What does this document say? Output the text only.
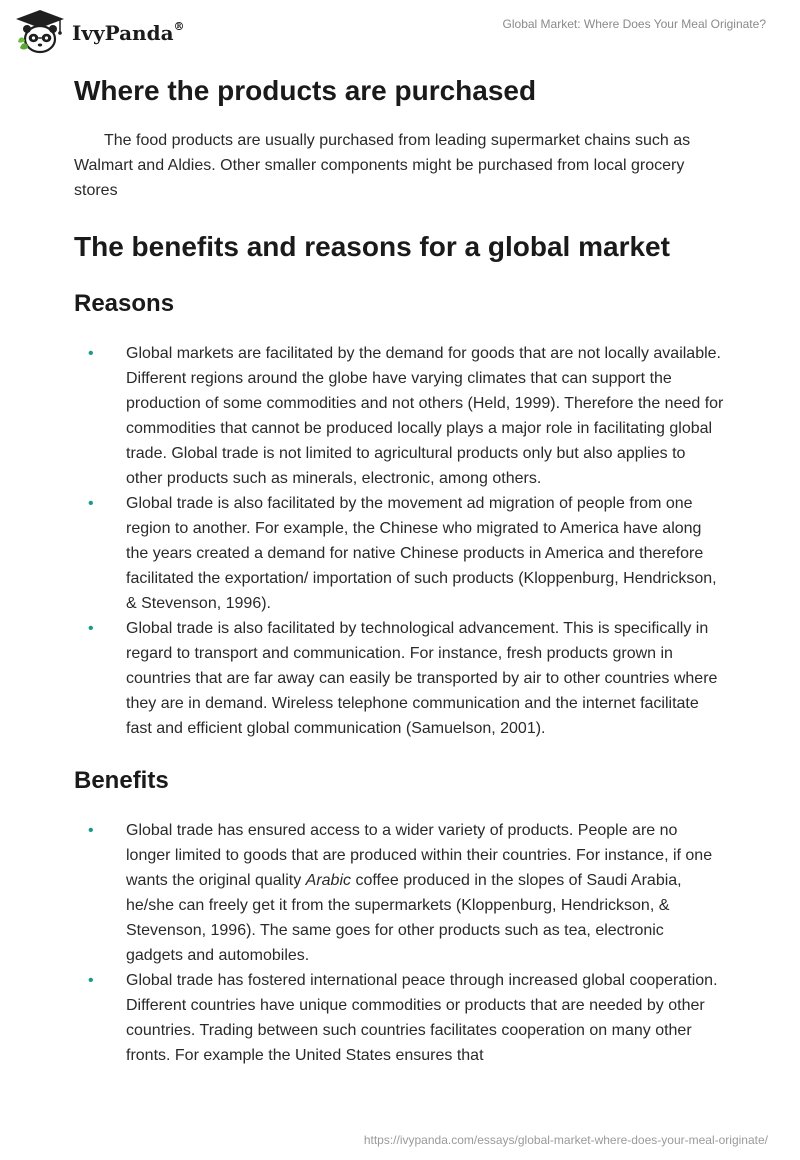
IvyPanda®	Global Market: Where Does Your Meal Originate?
Where the products are purchased

The food products are usually purchased from leading supermarket chains such as Walmart and Aldies. Other smaller components might be purchased from local grocery stores

The benefits and reasons for a global market
Reasons
• Global markets are facilitated by the demand for goods that are not locally available. Different regions around the globe have varying climates that can support the production of some commodities and not others (Held, 1999). Therefore the need for commodities that cannot be produced locally plays a major role in facilitating global trade. Global trade is not limited to agricultural products only but also applies to other products such as minerals, electronic, among others.
• Global trade is also facilitated by the movement ad migration of people from one region to another. For example, the Chinese who migrated to America have along the years created a demand for native Chinese products in America and therefore facilitated the exportation/ importation of such products (Kloppenburg, Hendrickson, & Stevenson, 1996).
• Global trade is also facilitated by technological advancement. This is specifically in regard to transport and communication. For instance, fresh products grown in countries that are far away can easily be transported by air to other countries where they are in demand. Wireless telephone communication and the internet facilitate fast and efficient global communication (Samuelson, 2001).
Benefits
• Global trade has ensured access to a wider variety of products. People are no longer limited to goods that are produced within their countries. For instance, if one wants the original quality Arabic coffee produced in the slopes of Saudi Arabia, he/she can freely get it from the supermarkets (Kloppenburg, Hendrickson, & Stevenson, 1996). The same goes for other products such as tea, electronic gadgets and automobiles.
• Global trade has fostered international peace through increased global cooperation. Different countries have unique commodities or products that are needed by other countries. Trading between such countries facilitates cooperation on many other fronts. For example the United States ensures that
https://ivypanda.com/essays/global-market-where-does-your-meal-originate/
